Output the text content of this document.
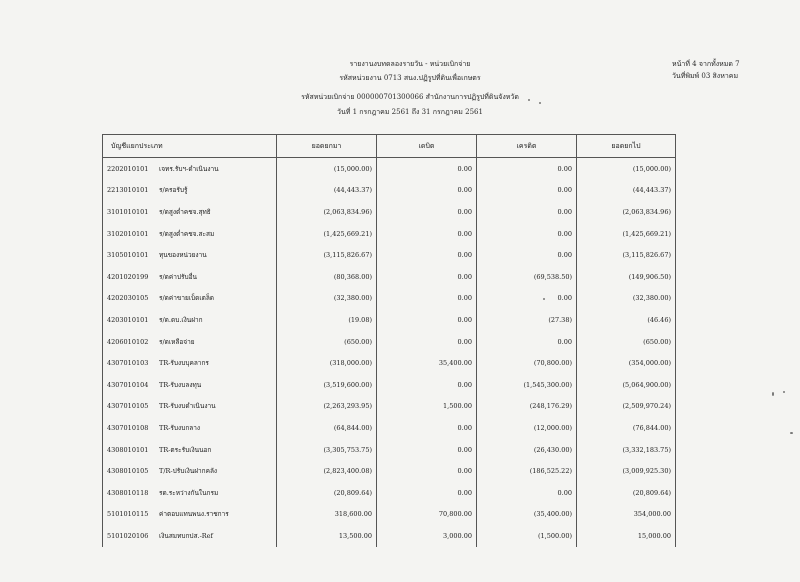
รายงานงบทดลองรายวัน - หน่วยเบิกจ่าย
รหัสหน่วยงาน 0713 สนง.ปฏิรูปที่ดินเพื่อเกษตร
รหัสหน่วยเบิกจ่าย 000000701300066 สำนักงานการปฏิรูปที่ดินจังหวัด
วันที่ 1 กรกฎาคม 2561 ถึง 31 กรกฎาคม 2561
หน้าที่ 4 จากทั้งหมด 7
วันที่พิมพ์ 03 สิงหาคม
บัญชีแยกประเภท	ยอดยกมา	เดบิต	เครดิต	ยอดยกไป
2202010101 เจทร.รับฯ-ดำเนินงาน	(15,000.00)	0.00	0.00	(15,000.00)
2213010101 ร/ครอรับรู้	(44,443.37)	0.00	0.00	(44,443.37)
3101010101 ร/ดสูงต่ำคชจ.สุทธิ	(2,063,834.96)	0.00	0.00	(2,063,834.96)
3102010101 ร/ดสูงต่ำคชจ.สะสม	(1,425,669.21)	0.00	0.00	(1,425,669.21)
3105010101 ทุนของหน่วยงาน	(3,115,826.67)	0.00	0.00	(3,115,826.67)
4201020199 ร/ดค่าปรับอื่น	(80,368.00)	0.00	(69,538.50)	(149,906.50)
4202030105 ร/ดค่าขายเบ็ดเตล็ด	(32,380.00)	0.00	0.00	(32,380.00)
4203010101 ร/ด.ดบ.เงินฝาก	(19.08)	0.00	(27.38)	(46.46)
4206010102 ร/ดเหลือจ่าย	(650.00)	0.00	0.00	(650.00)
4307010103 TR-รับงบบุคลากร	(318,000.00)	35,400.00	(70,800.00)	(354,000.00)
4307010104 TR-รับงบลงทุน	(3,519,600.00)	0.00	(1,545,300.00)	(5,064,900.00)
4307010105 TR-รับงบดำเนินงาน	(2,263,293.95)	1,500.00	(248,176.29)	(2,509,970.24)
4307010108 TR-รับงบกลาง	(64,844.00)	0.00	(12,000.00)	(76,844.00)
4308010101 TR-ตระรับเงินนอก	(3,305,753.75)	0.00	(26,430.00)	(3,332,183.75)
4308010105 T/R-ปรับเงินฝากคลัง	(2,823,400.08)	0.00	(186,525.22)	(3,009,925.30)
4308010118 รด.ระหว่างกันในกรม	(20,809.64)	0.00	0.00	(20,809.64)
5101010115 ค่าตอบแทนพนง.ราชการ	318,600.00	70,800.00	(35,400.00)	354,000.00
5101020106 เงินสมทบกปส.-Ref	13,500.00	3,000.00	(1,500.00)	15,000.00
